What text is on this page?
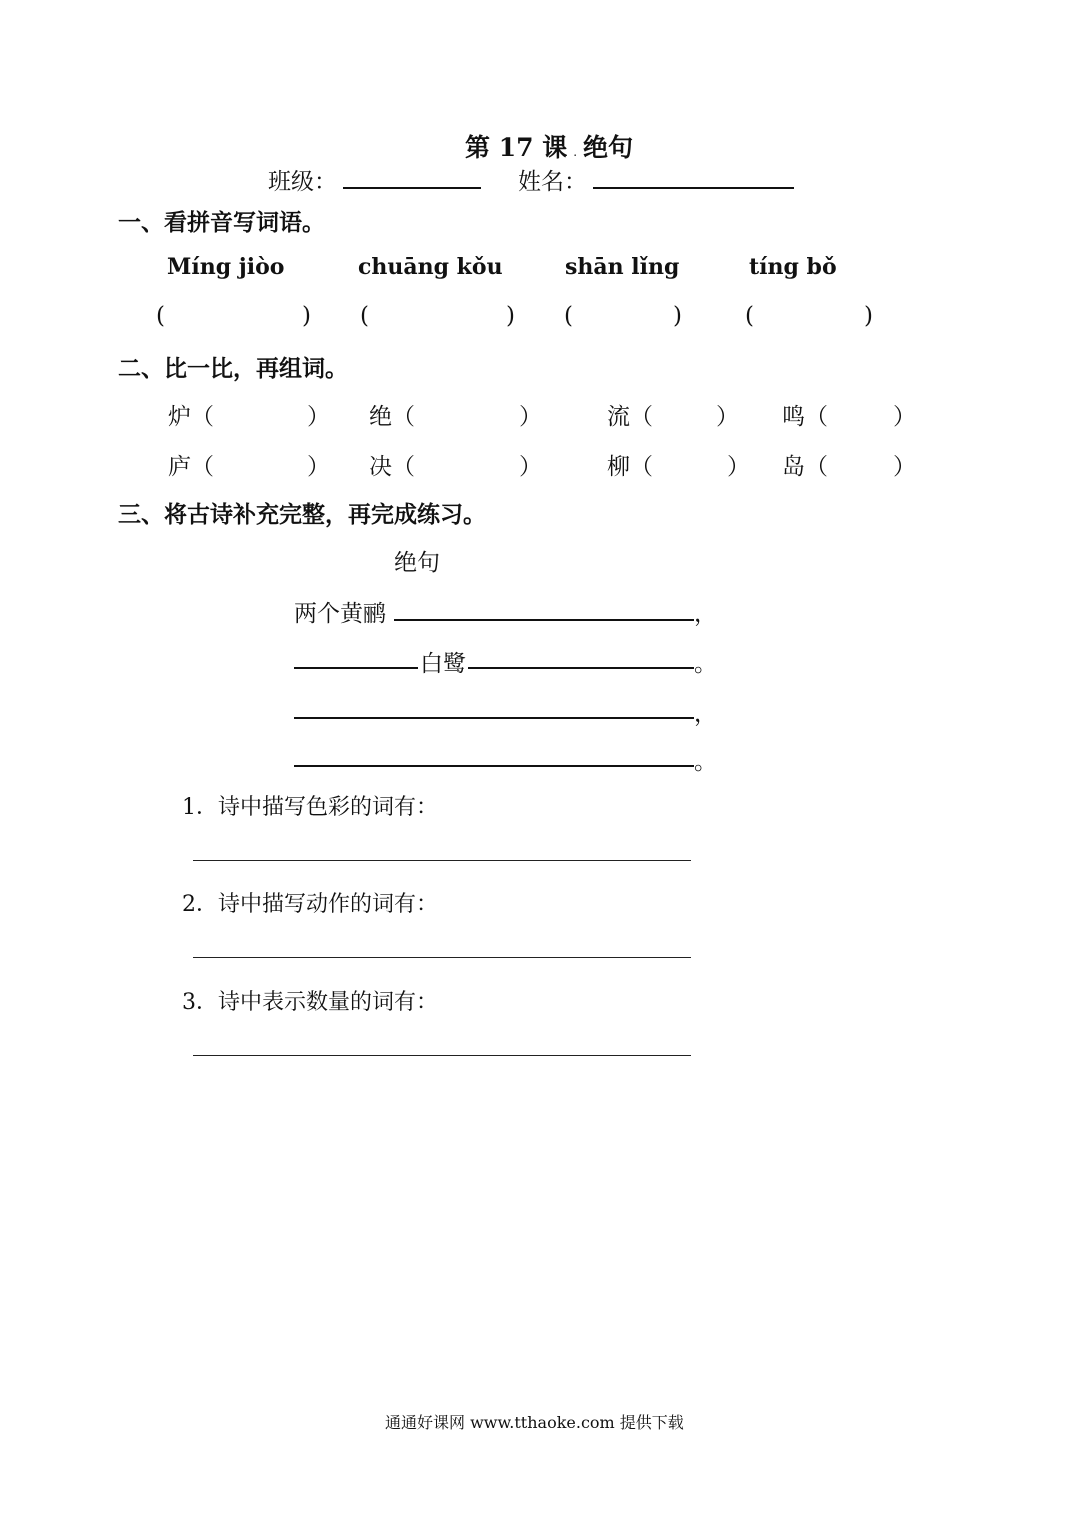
第 17 课 . 绝句
班级：	姓名：
一、看拼音写词语。
Míng jiòo	chuāng kǒu	shān lǐng	tíng bǒ
(	) (	) (	)	(	)
二、比一比，再组词。
炉（	） 绝（	）	流（	） 鸣（	）
庐（	） 决（	）	柳（	） 岛（	）
三、将古诗补充完整，再完成练习。
绝句
两个黄鹂	，
白鹭	。
，
。
1．诗中描写色彩的词有：
2．诗中描写动作的词有：
3．诗中表示数量的词有：
通通好课网 www.tthaoke.com 提供下载
